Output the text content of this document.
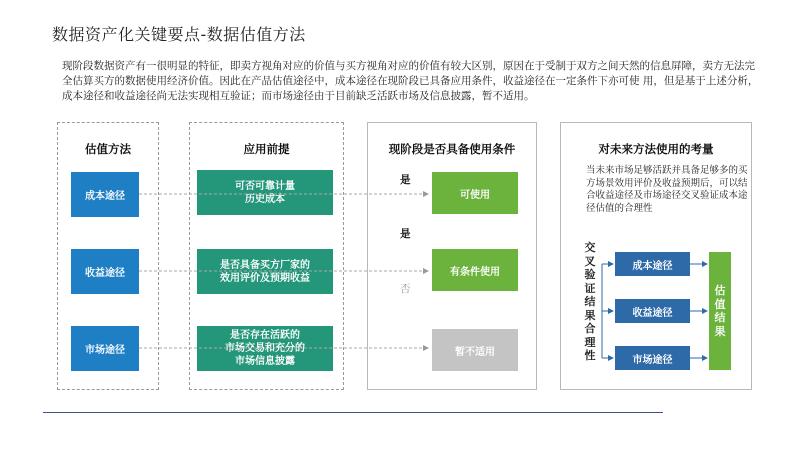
数据资产化关键要点-数据估值方法
现阶段数据资产有一很明显的特征，即卖方视角对应的价值与买方视角对应的价值有较大区别，原因在于受制于双方之间天然的信息屏障，卖方无法完全估算买方的数据使用经济价值。因此在产品估值途径中，成本途径在现阶段已具备应用条件，收益途径在一定条件下亦可使 用，但是基于上述分析，成本途径和收益途径尚无法实现相互验证；而市场途径由于目前缺乏活跃市场及信息披露，暂不适用。
估值方法
成本途径
收益途径
市场途径
应用前提
可否可靠计量
历史成本
是否具备买方厂家的
效用评价及预期收益
是否存在活跃的
市场交易和充分的
市场信息披露
现阶段是否具备使用条件
是
是
否
可使用
有条件使用
暂不适用
对未来方法使用的考量
当未来市场足够活跃并具备足够多的买方场景效用评价及收益预期后，可以结合收益途径及市场途径交叉验证成本途径估值的合理性
交叉验证结果合理性
成本途径
收益途径
市场途径
估值结果
